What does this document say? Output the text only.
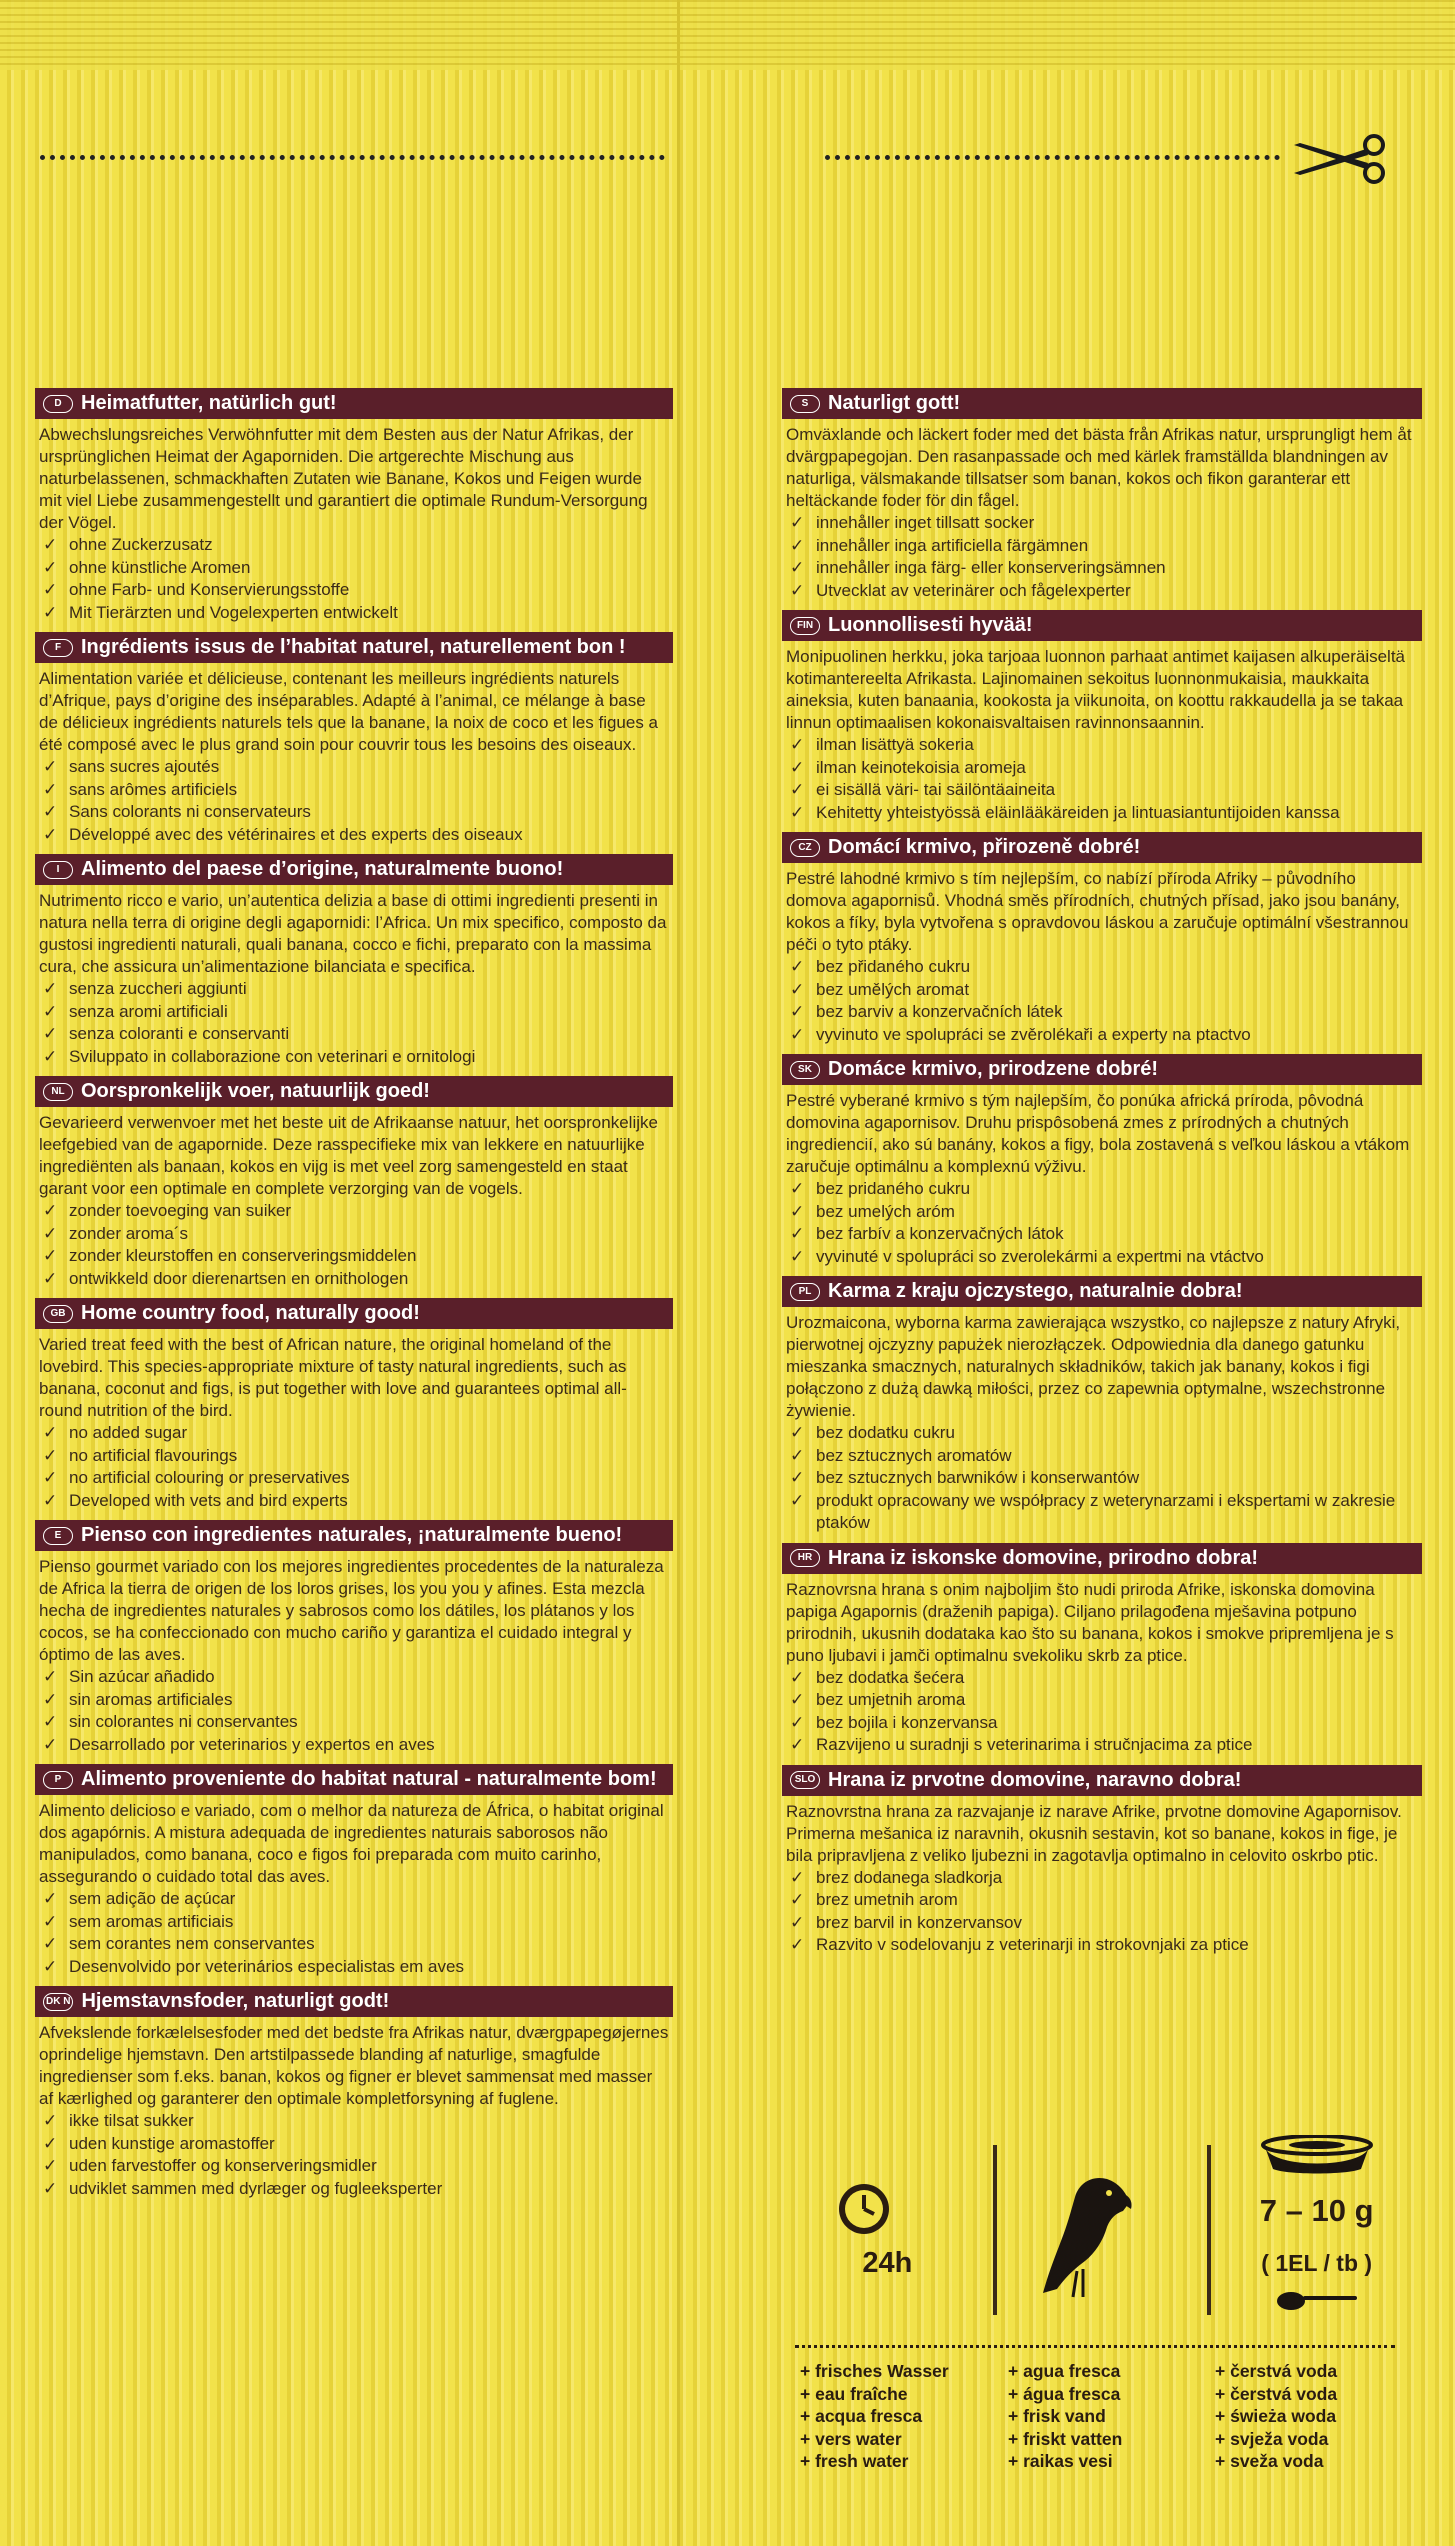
D Heimatfutter, natürlich gut!
Abwechslungsreiches Verwöhnfutter mit dem Besten aus der Natur Afrikas, der ursprünglichen Heimat der Agaporniden. Die artgerechte Mischung aus naturbelassenen, schmackhaften Zutaten wie Banane, Kokos und Feigen wurde mit viel Liebe zusammengestellt und garantiert die optimale Rundum-Versorgung der Vögel.
✓ ohne Zuckerzusatz
✓ ohne künstliche Aromen
✓ ohne Farb- und Konservierungsstoffe
✓ Mit Tierärzten und Vogelexperten entwickelt
F Ingrédients issus de l’habitat naturel, naturellement bon !
Alimentation variée et délicieuse, contenant les meilleurs ingrédients naturels d’Afrique, pays d’origine des inséparables. Adapté à l’animal, ce mélange à base de délicieux ingrédients naturels tels que la banane, la noix de coco et les figues a été composé avec le plus grand soin pour couvrir tous les besoins des oiseaux.
✓ sans sucres ajoutés
✓ sans arômes artificiels
✓ Sans colorants ni conservateurs
✓ Développé avec des vétérinaires et des experts des oiseaux
I Alimento del paese d’origine, naturalmente buono!
Nutrimento ricco e vario, un’autentica delizia a base di ottimi ingredienti presenti in natura nella terra di origine degli agapornidi: l’Africa. Un mix specifico, composto da gustosi ingredienti naturali, quali banana, cocco e fichi, preparato con la massima cura, che assicura un’alimentazione bilanciata e specifica.
✓ senza zuccheri aggiunti
✓ senza aromi artificiali
✓ senza coloranti e conservanti
✓ Sviluppato in collaborazione con veterinari e ornitologi
NL Oorspronkelijk voer, natuurlijk goed!
Gevarieerd verwenvoer met het beste uit de Afrikaanse natuur, het oorspronkelijke leefgebied van de agapornide. Deze rasspecifieke mix van lekkere en natuurlijke ingrediënten als banaan, kokos en vijg is met veel zorg samengesteld en staat garant voor een optimale en complete verzorging van de vogels.
✓ zonder toevoeging van suiker
✓ zonder aroma´s
✓ zonder kleurstoffen en conserveringsmiddelen
✓ ontwikkeld door dierenartsen en ornithologen
GB Home country food, naturally good!
Varied treat feed with the best of African nature, the original homeland of the lovebird. This species-appropriate mixture of tasty natural ingredients, such as banana, coconut and figs, is put together with love and guarantees optimal all-round nutrition of the bird.
✓ no added sugar
✓ no artificial flavourings
✓ no artificial colouring or preservatives
✓ Developed with vets and bird experts
E Pienso con ingredientes naturales, ¡naturalmente bueno!
Pienso gourmet variado con los mejores ingredientes procedentes de la naturaleza de Africa la tierra de origen de los loros grises, los you you y afines. Esta mezcla hecha de ingredientes naturales y sabrosos como los dátiles, los plátanos y los cocos, se ha confeccionado con mucho cariño y garantiza el cuidado integral y óptimo de las aves.
✓ Sin azúcar añadido
✓ sin aromas artificiales
✓ sin colorantes ni conservantes
✓ Desarrollado por veterinarios y expertos en aves
P Alimento proveniente do habitat natural - naturalmente bom!
Alimento delicioso e variado, com o melhor da natureza de África, o habitat original dos agapórnis. A mistura adequada de ingredientes naturais saborosos não manipulados, como banana, coco e figos foi preparada com muito carinho, assegurando o cuidado total das aves.
✓ sem adição de açúcar
✓ sem aromas artificiais
✓ sem corantes nem conservantes
✓ Desenvolvido por veterinários especialistas em aves
DK N Hjemstavnsfoder, naturligt godt!
Afvekslende forkælelsesfoder med det bedste fra Afrikas natur, dværgpapegøjernes oprindelige hjemstavn. Den artstilpassede blanding af naturlige, smagfulde ingredienser som f.eks. banan, kokos og figner er blevet sammensat med masser af kærlighed og garanterer den optimale kompletforsyning af fuglene.
✓ ikke tilsat sukker
✓ uden kunstige aromastoffer
✓ uden farvestoffer og konserveringsmidler
✓ udviklet sammen med dyrlæger og fugleeksperter
S Naturligt gott!
Omväxlande och läckert foder med det bästa från Afrikas natur, ursprungligt hem åt dvärgpapegojan. Den rasanpassade och med kärlek framställda blandningen av naturliga, välsmakande tillsatser som banan, kokos och fikon garanterar ett heltäckande foder för din fågel.
✓ innehåller inget tillsatt socker
✓ innehåller inga artificiella färgämnen
✓ innehåller inga färg- eller konserveringsämnen
✓ Utvecklat av veterinärer och fågelexperter
FIN Luonnollisesti hyvää!
Monipuolinen herkku, joka tarjoaa luonnon parhaat antimet kaijasen alkuperäiseltä kotimantereelta Afrikasta. Lajinomainen sekoitus luonnonmukaisia, maukkaita aineksia, kuten banaania, kookosta ja viikunoita, on koottu rakkaudella ja se takaa linnun optimaalisen kokonaisvaltaisen ravinnonsaannin.
✓ ilman lisättyä sokeria
✓ ilman keinotekoisia aromeja
✓ ei sisällä väri- tai säilöntäaineita
✓ Kehitetty yhteistyössä eläinlääkäreiden ja lintuasiantuntijoiden kanssa
CZ Domácí krmivo, přirozeně dobré!
Pestré lahodné krmivo s tím nejlepším, co nabízí příroda Afriky – původního domova agapornisů. Vhodná směs přírodních, chutných přísad, jako jsou banány, kokos a fíky, byla vytvořena s opravdovou láskou a zaručuje optimální všestrannou péči o tyto ptáky.
✓ bez přidaného cukru
✓ bez umělých aromat
✓ bez barviv a konzervačních látek
✓ vyvinuto ve spolupráci se zvěrolékaři a experty na ptactvo
SK Domáce krmivo, prirodzene dobré!
Pestré vyberané krmivo s tým najlepším, čo ponúka africká príroda, pôvodná domovina agapornisov. Druhu prispôsobená zmes z prírodných a chutných ingrediencií, ako sú banány, kokos a figy, bola zostavená s veľkou láskou a vtákom zaručuje optimálnu a komplexnú výživu.
✓ bez pridaného cukru
✓ bez umelých aróm
✓ bez farbív a konzervačných látok
✓ vyvinuté v spolupráci so zverolekármi a expertmi na vtáctvo
PL Karma z kraju ojczystego, naturalnie dobra!
Urozmaicona, wyborna karma zawierająca wszystko, co najlepsze z natury Afryki, pierwotnej ojczyzny papużek nierozłączek. Odpowiednia dla danego gatunku mieszanka smacznych, naturalnych składników, takich jak banany, kokos i figi połączono z dużą dawką miłości, przez co zapewnia optymalne, wszechstronne żywienie.
✓ bez dodatku cukru
✓ bez sztucznych aromatów
✓ bez sztucznych barwników i konserwantów
✓ produkt opracowany we współpracy z weterynarzami i ekspertami w zakresie ptaków
HR Hrana iz iskonske domovine, prirodno dobra!
Raznovrsna hrana s onim najboljim što nudi priroda Afrike, iskonska domovina papiga Agapornis (draženih papiga). Ciljano prilagođena mješavina potpuno prirodnih, ukusnih dodataka kao što su banana, kokos i smokve pripremljena je s puno ljubavi i jamči optimalnu svekoliku skrb za ptice.
✓ bez dodatka šećera
✓ bez umjetnih aroma
✓ bez bojila i konzervansa
✓ Razvijeno u suradnji s veterinarima i stručnjacima za ptice
SLO Hrana iz prvotne domovine, naravno dobra!
Raznovrstna hrana za razvajanje iz narave Afrike, prvotne domovine Agapornisov. Primerna mešanica iz naravnih, okusnih sestavin, kot so banane, kokos in fige, je bila pripravljena z veliko ljubezni in zagotavlja optimalno in celovito oskrbo ptic.
✓ brez dodanega sladkorja
✓ brez umetnih arom
✓ brez barvil in konzervansov
✓ Razvito v sodelovanju z veterinarji in strokovnjaki za ptice
24h
7 – 10 g
( 1EL / tb )
+ frisches Wasser
+ eau fraîche
+ acqua fresca
+ vers water
+ fresh water
+ agua fresca
+ água fresca
+ frisk vand
+ friskt vatten
+ raikas vesi
+ čerstvá voda
+ čerstvá voda
+ świeża woda
+ svježa voda
+ sveža voda
